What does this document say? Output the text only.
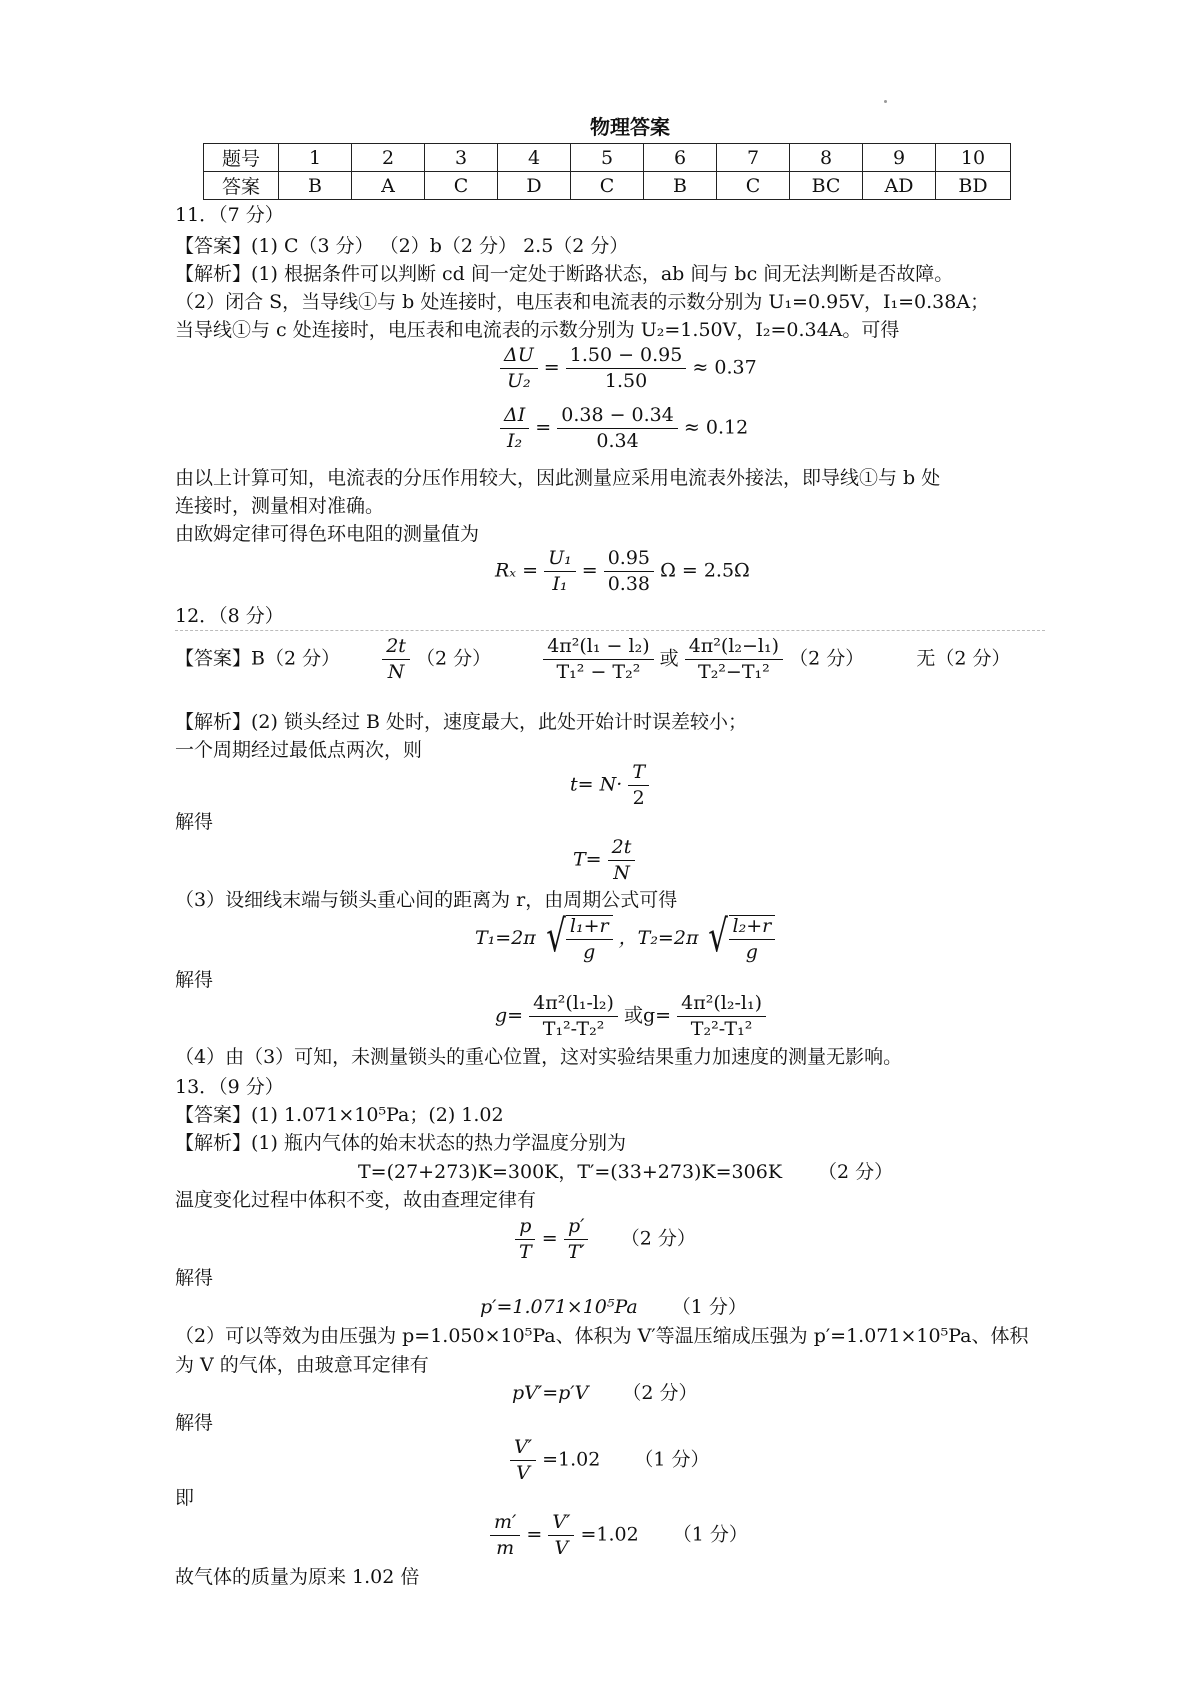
物理答案
题号	1	2	3	4	5	6	7	8	9	10
答案	B	A	C	D	C	B	C	BC	AD	BD
11．（7 分）
【答案】(1) C（3 分） （2）b（2 分） 2.5（2 分）
【解析】(1) 根据条件可以判断 cd 间一定处于断路状态，ab 间与 bc 间无法判断是否故障。
（2）闭合 S，当导线①与 b 处连接时，电压表和电流表的示数分别为 U₁=0.95V，I₁=0.38A；
当导线①与 c 处连接时，电压表和电流表的示数分别为 U₂=1.50V，I₂=0.34A。可得
$\frac{\Delta U}{\text{U₂}} = \frac{1.50 - 0.95}{1.50} \approx 0.37$
$\frac{\Delta I}{\text{I₂}} = \frac{0.38 - 0.34}{0.34} \approx 0.12$
由以上计算可知，电流表的分压作用较大，因此测量应采用电流表外接法，即导线①与 b 处
连接时，测量相对准确。
由欧姆定律可得色环电阻的测量值为
$R_x = \frac{\text{U₁}}{\text{I₁}} = \frac{0.95}{0.38}$ Ω = 2.5Ω
12．（8 分）
【答案】B（2 分） $\frac{2t}{N} (2$ 分）	$\frac{\text{4π²(l₁ − l₂)}}{\text{T₁² − T₂²}}$ 或 $\frac{\text{4π²(l₂−l₁)}}{\text{T₂²−T₁²}} (2$ 分）	无（2 分）
【解析】(2) 锁头经过 B 处时，速度最大，此处开始计时误差较小；
一个周期经过最低点两次，则
$t= N\cdot \frac{T}{2}$
解得
$T= \frac{2t}{N}$
（3）设细线末端与锁头重心间的距离为 r，由周期公式可得
T₁=2π √ $\frac{\text{l₁+r}}{g}$ ，T₂=2π √ $\frac{\text{l₂+r}}{g}$
解得
$g= \frac{\text{4π²(l₁-l₂)}}{\text{T₁²-T₂²}}$ 或$g= \frac{\text{4π²(l₂-l₁)}}{\text{T₂²-T₁²}}$
（4）由（3）可知，未测量锁头的重心位置，这对实验结果重力加速度的测量无影响。
13．（9 分）
【答案】(1) 1.071×10⁵Pa；(2) 1.02
【解析】(1) 瓶内气体的始末状态的热力学温度分别为
T=(27+273)K=300K，T′=(33+273)K=306K （2 分）
温度变化过程中体积不变，故由查理定律有
$\frac{p}{T} = \frac{p'}{T'} (2$ 分）
解得
p′=1.071×10⁵Pa （1 分）
（2）可以等效为由压强为 p=1.050×10⁵Pa、体积为 V′等温压缩成压强为 p′=1.071×10⁵Pa、体积
为 V 的气体，由玻意耳定律有
pV′=p′V （2 分）
解得
$\frac{V'}{V} =1.02$ （1 分）
即
$\frac{m'}{m} = \frac{V'}{V} =1.02$ （1 分）
故气体的质量为原来 1.02 倍
